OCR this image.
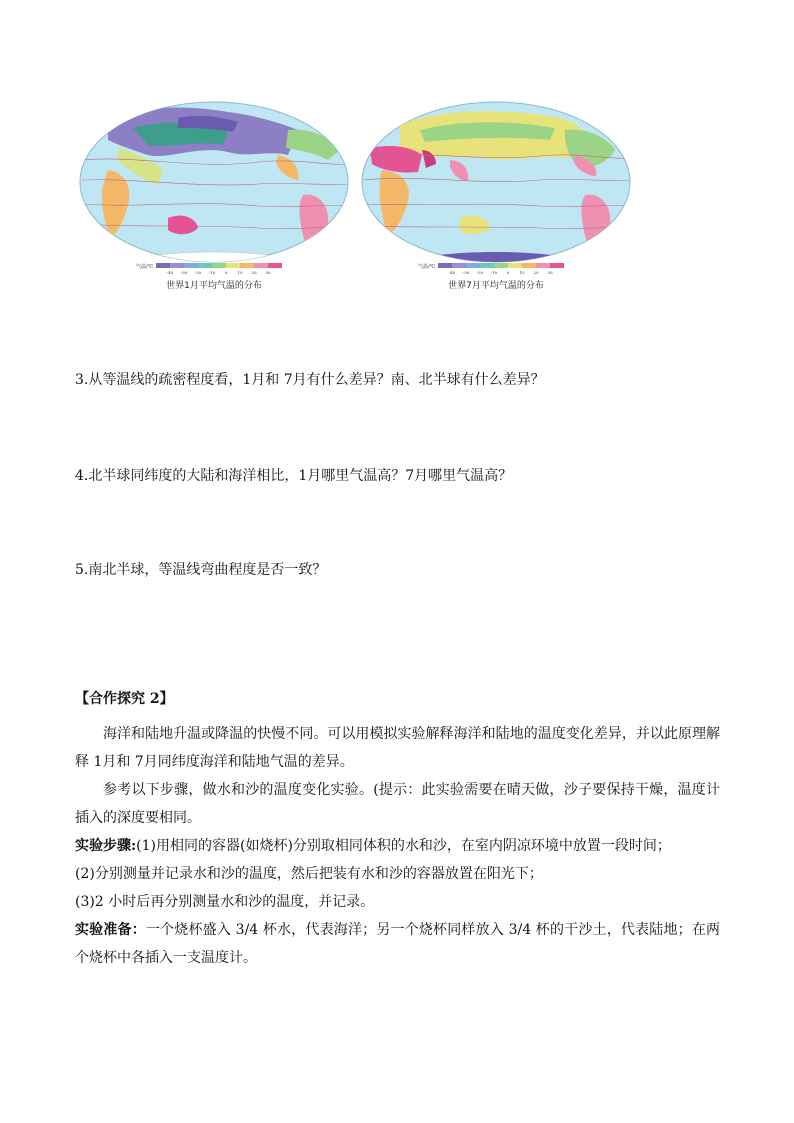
气温/℃
-40 -30 -20 -10 0	10 20 30
世界1月平均气温的分布
气温/℃
-40 -30 -20 -10 0	10 20 30
世界7月平均气温的分布
3.从等温线的疏密程度看，1月和 7月有什么差异？南、北半球有什么差异？
4.北半球同纬度的大陆和海洋相比，1月哪里气温高？7月哪里气温高？
5.南北半球，等温线弯曲程度是否一致？
【合作探究 2】

海洋和陆地升温或降温的快慢不同。可以用模拟实验解释海洋和陆地的温度变化差异，并以此原理解释 1月和 7月同纬度海洋和陆地气温的差异。

参考以下步骤，做水和沙的温度变化实验。(提示：此实验需要在晴天做，沙子要保持干燥，温度计插入的深度要相同。

实验步骤:(1)用相同的容器(如烧杯)分别取相同体积的水和沙，在室内阴凉环境中放置一段时间；

(2)分别测量并记录水和沙的温度，然后把装有水和沙的容器放置在阳光下；

(3)2 小时后再分别测量水和沙的温度，并记录。

实验准备：一个烧杯盛入 3/4 杯水，代表海洋；另一个烧杯同样放入 3/4 杯的干沙土，代表陆地；在两个烧杯中各插入一支温度计。
